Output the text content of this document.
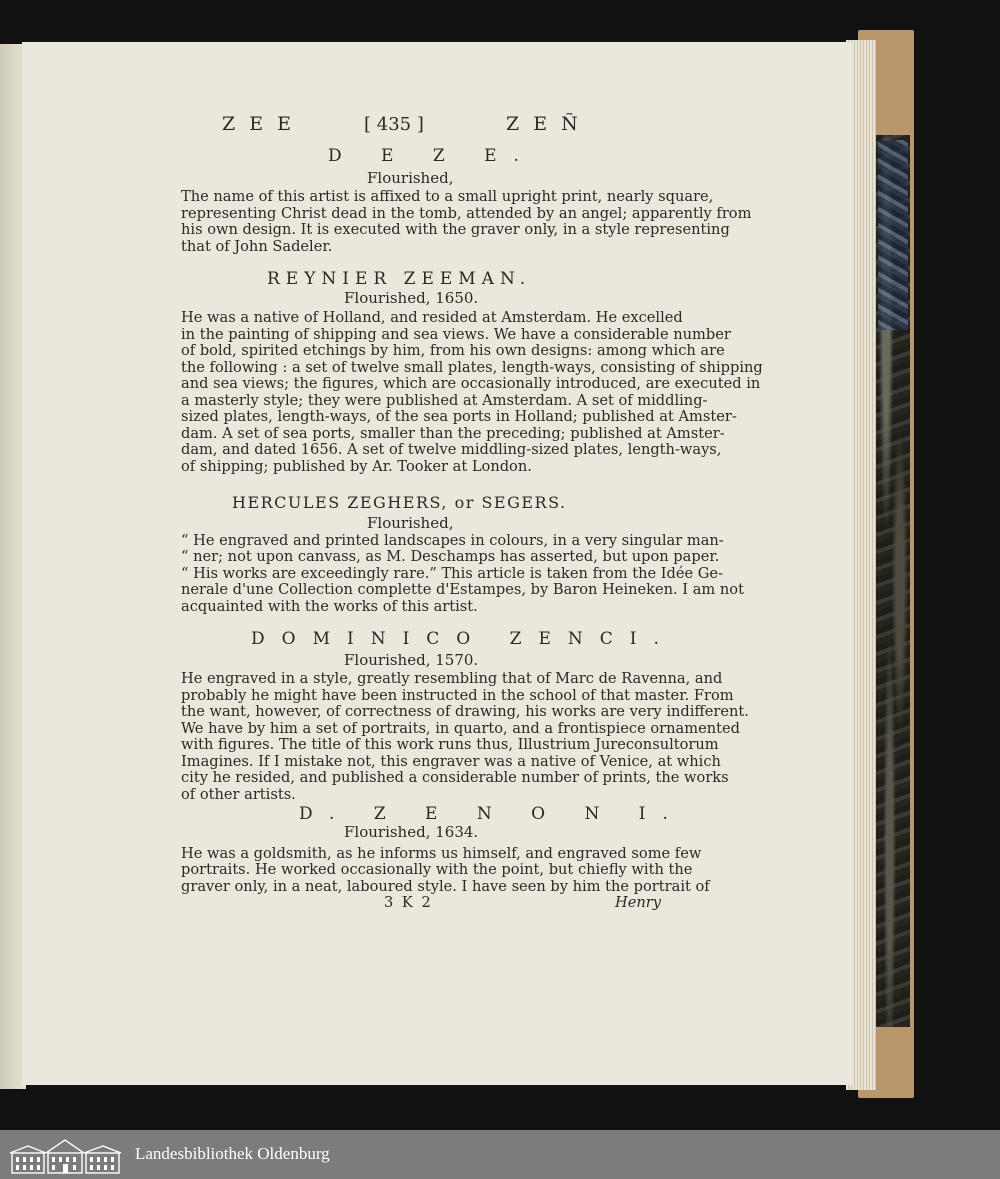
ZEE	[ 435 ]	ZEÑ
D E Z E.
Flourished,
The name of this artist is affixed to a small upright print, nearly square,
representing Christ dead in the tomb, attended by an angel; apparently from
his own design. It is executed with the graver only, in a style representing
that of John Sadeler.
REYNIER ZEEMAN.
Flourished, 1650.
He was a native of Holland, and resided at Amsterdam. He excelled
in the painting of shipping and sea views. We have a considerable number
of bold, spirited etchings by him, from his own designs: among which are
the following : a set of twelve small plates, length-ways, consisting of shipping
and sea views; the figures, which are occasionally introduced, are executed in
a masterly style; they were published at Amsterdam. A set of middling-
sized plates, length-ways, of the sea ports in Holland; published at Amster-
dam. A set of sea ports, smaller than the preceding; published at Amster-
dam, and dated 1656. A set of twelve middling-sized plates, length-ways,
of shipping; published by Ar. Tooker at London.
HERCULES ZEGHERS, or SEGERS.
Flourished,
“ He engraved and printed landscapes in colours, in a very singular man-
“ ner; not upon canvass, as M. Deschamps has asserted, but upon paper.
“ His works are exceedingly rare.” This article is taken from the Idée Ge-
nerale d'une Collection complette d'Estampes, by Baron Heineken. I am not
acquainted with the works of this artist.
DOMINICO ZENCI.
Flourished, 1570.
He engraved in a style, greatly resembling that of Marc de Ravenna, and
probably he might have been instructed in the school of that master. From
the want, however, of correctness of drawing, his works are very indifferent.
We have by him a set of portraits, in quarto, and a frontispiece ornamented
with figures. The title of this work runs thus, Illustrium Jureconsultorum
Imagines. If I mistake not, this engraver was a native of Venice, at which
city he resided, and published a considerable number of prints, the works
of other artists.
D. Z E N O N I.
Flourished, 1634.
He was a goldsmith, as he informs us himself, and engraved some few
portraits. He worked occasionally with the point, but chiefly with the
graver only, in a neat, laboured style. I have seen by him the portrait of
3 K 2	Henry
Landesbibliothek Oldenburg
